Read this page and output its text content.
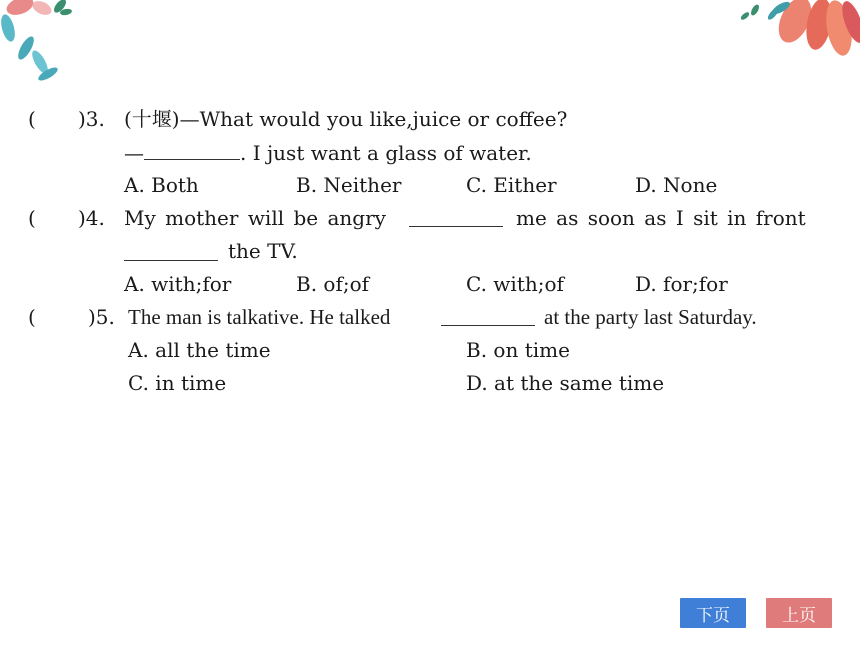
( )3. (十堰)—What would you like,juice or coffee?
—	. I just want a glass of water.
A. Both	B. Neither	C. Either	D. None
( )4. My mother will be angry	me as soon as I sit in front
the TV.
A. with;for	B. of;of	C. with;of	D. for;for
(	)5. The man is talkative. He talked	at the party last Saturday.
A. all the time	B. on time
C. in time	D. at the same time
下页	上页
